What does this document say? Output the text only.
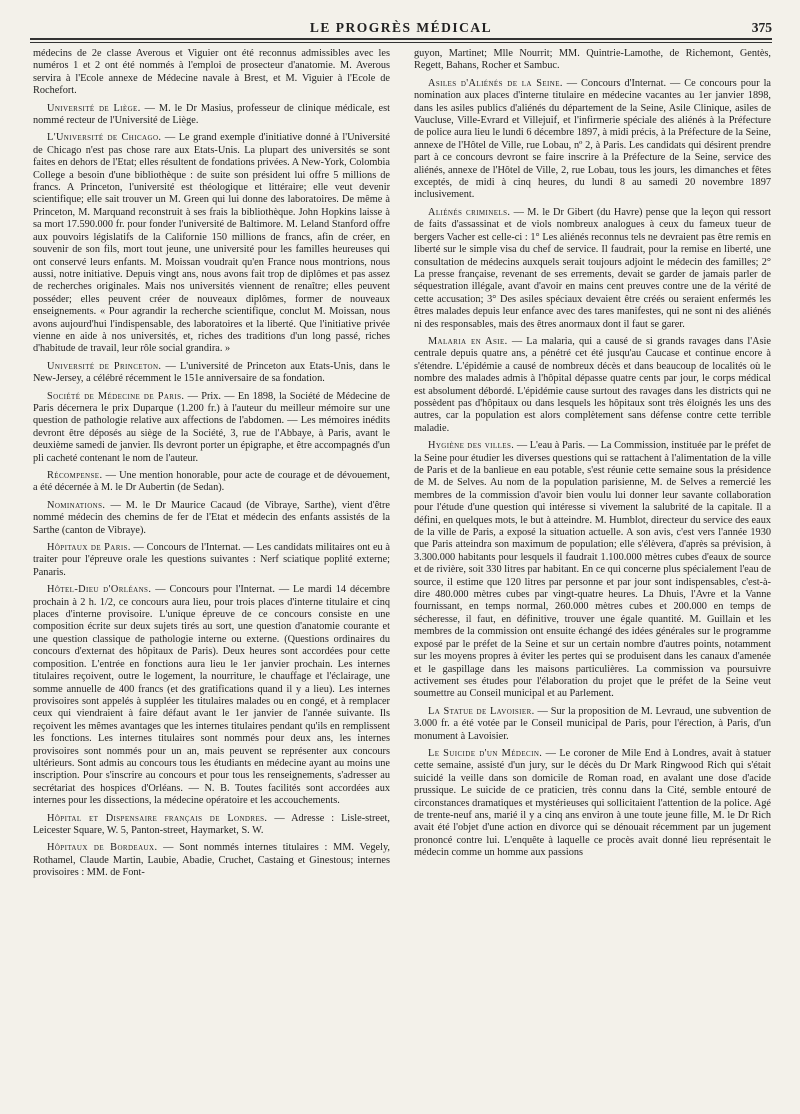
LE PROGRÈS MÉDICAL	375

médecins de 2e classe Averous et Viguier ont été reconnus admissibles avec les numéros 1 et 2 ont été nommés à l'emploi de prosecteur d'anatomie. M. Averous servira à l'Ecole annexe de Médecine navale à Brest, et M. Viguier à l'Ecole de Rochefort.

Université de Liège. — M. le Dr Masius, professeur de clinique médicale, est nommé recteur de l'Université de Liège.

L'Université de Chicago. — Le grand exemple d'initiative donné à l'Université de Chicago n'est pas chose rare aux Etats-Unis. La plupart des universités se sont faites en dehors de l'Etat; elles résultent de fondations privées. A New-York, Colombia College a besoin d'une bibliothèque : de suite son président lui offre 5 millions de francs. A Princeton, l'université est théologique et littéraire; elle veut devenir scientifique; elle sait trouver un M. Green qui lui donne des laboratoires. De même à Princeton, M. Marquand reconstruit à ses frais la bibliothèque. John Hopkins laisse à sa mort 17.590.000 fr. pour fonder l'université de Baltimore. M. Leland Stanford offre aux pouvoirs législatifs de la Californie 150 millions de francs, afin de créer, en souvenir de son fils, mort tout jeune, une université pour les familles heureuses qui ont conservé leurs enfants. M. Moissan voudrait qu'en France nous montrions, nous aussi, notre initiative. Depuis vingt ans, nous avons fait trop de diplômes et pas assez de recherches originales. Mais nos universités viennent de renaître; elles peuvent posséder; elles peuvent créer de nouveaux diplômes, former de nouveaux enseignements. « Pour agrandir la recherche scientifique, conclut M. Moissan, nous avons aujourd'hui l'indispensable, des laboratoires et la liberté. Que l'initiative privée vienne en aide à nos universités, et, riches des traditions d'un long passé, riches d'habitude de travail, leur rôle social grandira. »

Université de Princeton. — L'université de Princeton aux Etats-Unis, dans le New-Jersey, a célébré récemment le 151e anniversaire de sa fondation.

Société de Médecine de Paris. — Prix. — En 1898, la Société de Médecine de Paris décernera le prix Duparque (1.200 fr.) à l'auteur du meilleur mémoire sur une question de pathologie relative aux affections de l'abdomen. — Les mémoires inédits devront être déposés au siège de la Société, 3, rue de l'Abbaye, à Paris, avant le deuxième samedi de janvier. Ils devront porter un épigraphe, et être accompagnés d'un pli cacheté contenant le nom de l'auteur.

Récompense. — Une mention honorable, pour acte de courage et de dévouement, a été décernée à M. le Dr Aubertin (de Sedan).

Nominations. — M. le Dr Maurice Cacaud (de Vibraye, Sarthe), vient d'être nommé médecin des chemins de fer de l'Etat et médecin des enfants assistés de la Sarthe (canton de Vibraye).

Hôpitaux de Paris. — Concours de l'Internat. — Les candidats militaires ont eu à traiter pour l'épreuve orale les questions suivantes : Nerf sciatique poplité externe; Panaris.

Hôtel-Dieu d'Orléans. — Concours pour l'Internat. — Le mardi 14 décembre prochain à 2 h. 1/2, ce concours aura lieu, pour trois places d'interne titulaire et cinq places d'interne provisoire. L'unique épreuve de ce concours consiste en une composition écrite sur deux sujets tirés au sort, une question d'anatomie courante et une question classique de pathologie interne ou externe. (Questions ordinaires du concours d'externat des hôpitaux de Paris). Deux heures sont accordées pour cette composition. L'entrée en fonctions aura lieu le 1er janvier prochain. Les internes titulaires reçoivent, outre le logement, la nourriture, le chauffage et l'éclairage, une somme annuelle de 400 francs (et des gratifications quand il y a lieu). Les internes provisoires sont appelés à suppléer les titulaires malades ou en congé, et à remplacer ceux qui viendraient à faire défaut avant le 1er janvier de l'année suivante. Ils reçoivent les mêmes avantages que les internes titulaires pendant qu'ils en remplissent les fonctions. Les internes titulaires sont nommés pour deux ans, les internes provisoires sont nommés pour un an, mais peuvent se représenter aux concours ultérieurs. Sont admis au concours tous les étudiants en médecine ayant au moins une inscription. Pour s'inscrire au concours et pour tous les renseignements, s'adresser au secrétariat des hospices d'Orléans. — N. B. Toutes facilités sont accordées aux internes pour les dissections, la médecine opératoire et les accouchements.

Hôpital et Dispensaire français de Londres. — Adresse : Lisle-street, Leicester Square, W. 5, Panton-street, Haymarket, S. W.

Hôpitaux de Bordeaux. — Sont nommés internes titulaires : MM. Vegely, Rothamel, Claude Martin, Laubie, Abadie, Cruchet, Castaing et Ginestous; internes provisoires : MM. de Font-

guyon, Martinet; Mlle Nourrit; MM. Quintrie-Lamothe, de Richemont, Gentès, Regett, Bahans, Rocher et Sambuc.

Asiles d'Aliénés de la Seine. — Concours d'Internat. — Ce concours pour la nomination aux places d'interne titulaire en médecine vacantes au 1er janvier 1898, dans les asiles publics d'aliénés du département de la Seine, Asile Clinique, asiles de Vaucluse, Ville-Evrard et Villejuif, et l'infirmerie spéciale des aliénés à la Préfecture de police aura lieu le lundi 6 décembre 1897, à midi précis, à la Préfecture de la Seine, annexe de l'Hôtel de Ville, rue Lobau, nº 2, à Paris. Les candidats qui désirent prendre part à ce concours devront se faire inscrire à la Préfecture de la Seine, service des aliénés, annexe de l'Hôtel de Ville, 2, rue Lobau, tous les jours, les dimanches et fêtes exceptés, de midi à cinq heures, du lundi 8 au samedi 20 novembre 1897 inclusivement.

Aliénés criminels. — M. le Dr Gibert (du Havre) pense que la leçon qui ressort de faits d'assassinat et de viols nombreux analogues à ceux du fameux tueur de bergers Vacher est celle-ci : 1° Les aliénés reconnus tels ne devraient pas être remis en liberté sur le simple visa du chef de service. Il faudrait, pour la remise en liberté, une consultation de médecins auxquels serait toujours adjoint le médecin des familles; 2° La presse française, revenant de ses errements, devait se garder de jamais parler de séquestration illégale, avant d'avoir en mains cent preuves contre une de la vérité de cette accusation; 3° Des asiles spéciaux devaient être créés ou seraient enfermés les êtres malades depuis leur enfance avec des tares manifestes, qui ne sont ni des aliénés ni des responsables, mais des êtres anormaux dont il faut se garer.

Malaria en Asie. — La malaria, qui a causé de si grands ravages dans l'Asie centrale depuis quatre ans, a pénétré cet été jusqu'au Caucase et continue encore à s'étendre. L'épidémie a causé de nombreux décès et dans beaucoup de localités où le nombre des malades admis à l'hôpital dépasse quatre cents par jour, le corps médical est absolument débordé. L'épidémie cause surtout des ravages dans les districts qui ne possèdent pas d'hôpitaux ou dans lesquels les hôpitaux sont très éloignés les uns des autres, car la population est alors complètement sans défense contre cette terrible maladie.

Hygiène des villes. — L'eau à Paris. — La Commission, instituée par le préfet de la Seine pour étudier les diverses questions qui se rattachent à l'alimentation de la ville de Paris et de la banlieue en eau potable, s'est réunie cette semaine sous la présidence de M. de Selves. Au nom de la population parisienne, M. de Selves a remercié les membres de la commission d'avoir bien voulu lui donner leur savante collaboration pour l'étude d'une question qui intéresse si vivement la salubrité de la capitale. Il a défini, en quelques mots, le but à atteindre. M. Humblot, directeur du service des eaux de la ville de Paris, a exposé la situation actuelle. A son avis, c'est vers l'année 1930 que Paris atteindra son maximum de population; elle s'élèvera, d'après sa prévision, à 3.300.000 habitants pour lesquels il faudrait 1.100.000 mètres cubes d'eaux de source et de rivière, soit 330 litres par habitant. En ce qui concerne plus spécialement l'eau de source, il estime que 120 litres par personne et par jour sont indispensables, c'est-à-dire 480.000 mètres cubes par vingt-quatre heures. La Dhuis, l'Avre et la Vanne fournissant, en temps normal, 260.000 mètres cubes et 200.000 en temps de sécheresse, il faut, en définitive, trouver une égale quantité. M. Guillain et les membres de la commission ont ensuite échangé des idées générales sur le programme exposé par le préfet de la Seine et sur un certain nombre d'autres points, notamment sur les moyens propres à éviter les pertes qui se produisent dans les canaux d'amenée et le gaspillage dans les maisons particulières. La commission va poursuivre activement ses études pour l'élaboration du projet que le préfet de la Seine veut soumettre au Conseil municipal et au Parlement.

La Statue de Lavoisier. — Sur la proposition de M. Levraud, une subvention de 3.000 fr. a été votée par le Conseil municipal de Paris, pour l'érection, à Paris, d'un monument à Lavoisier.

Le Suicide d'un Médecin. — Le coroner de Mile End à Londres, avait à statuer cette semaine, assisté d'un jury, sur le décès du Dr Mark Ringwood Rich qui s'était suicidé la veille dans son domicile de Roman road, en avalant une dose d'acide prussique. Le suicide de ce praticien, très connu dans la Cité, semble entouré de circonstances dramatiques et mystérieuses qui sollicitaient l'attention de la police. Agé de trente-neuf ans, marié il y a cinq ans environ à une toute jeune fille, M. le Dr Rich avait été l'objet d'une action en divorce qui se dénouait récemment par un jugement prononcé contre lui. L'enquête à laquelle ce procès avait donné lieu représentait le médecin comme un homme aux passions
